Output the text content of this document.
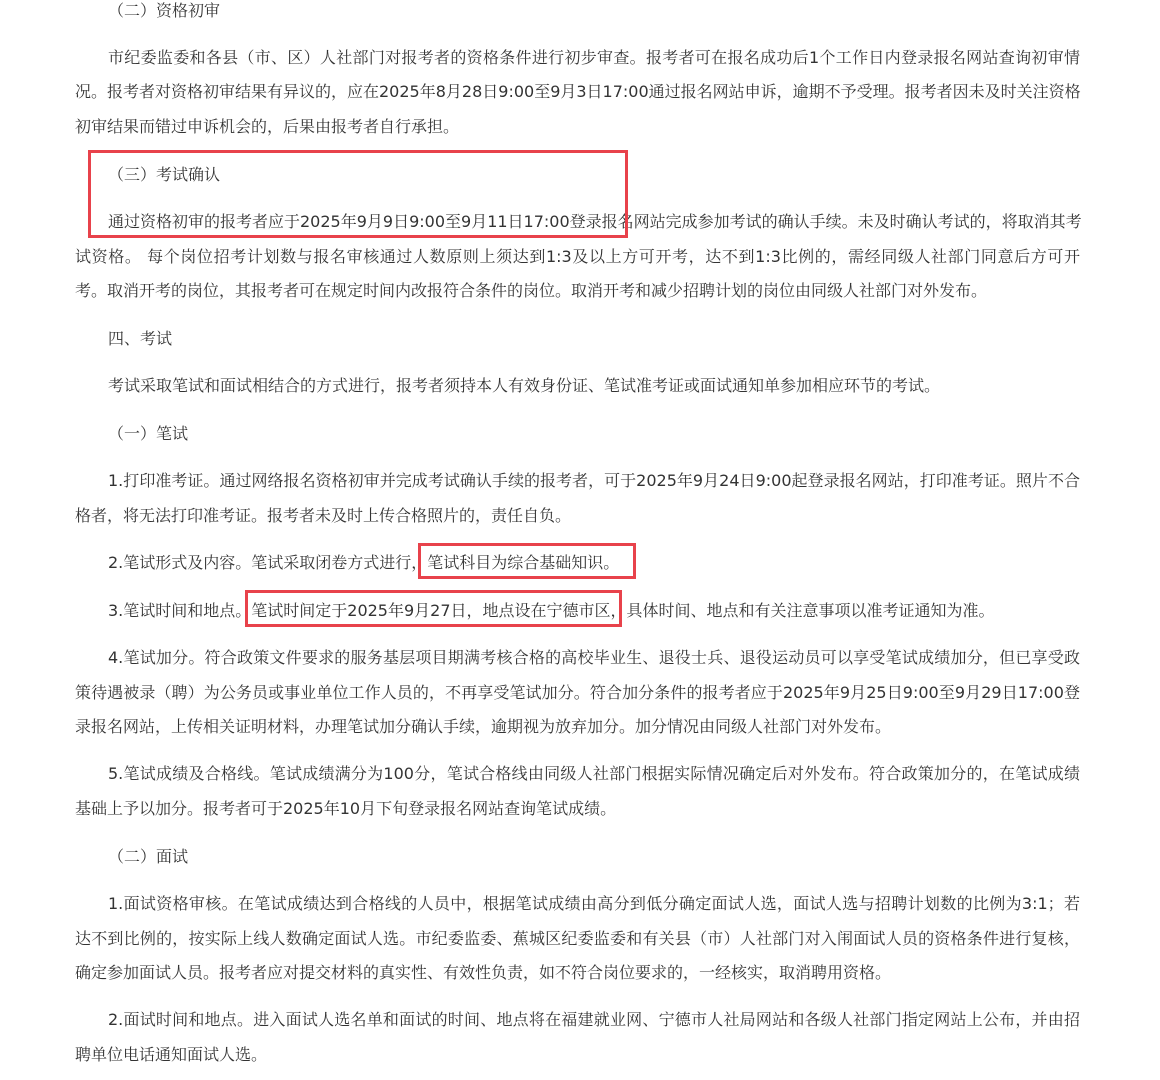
（二）资格初审
市纪委监委和各县（市、区）人社部门对报考者的资格条件进行初步审查。报考者可在报名成功后1个工作日内登录报名网站查询初审情
况。报考者对资格初审结果有异议的，应在2025年8月28日9:00至9月3日17:00通过报名网站申诉，逾期不予受理。报考者因未及时关注资格
初审结果而错过申诉机会的，后果由报考者自行承担。
（三）考试确认
通过资格初审的报考者应于2025年9月9日9:00至9月11日17:00登录报名网站完成参加考试的确认手续。未及时确认考试的，将取消其考
试资格。 每个岗位招考计划数与报名审核通过人数原则上须达到1:3及以上方可开考，达不到1:3比例的，需经同级人社部门同意后方可开
考。取消开考的岗位，其报考者可在规定时间内改报符合条件的岗位。取消开考和减少招聘计划的岗位由同级人社部门对外发布。
四、考试
考试采取笔试和面试相结合的方式进行，报考者须持本人有效身份证、笔试准考证或面试通知单参加相应环节的考试。
（一）笔试
1.打印准考证。通过网络报名资格初审并完成考试确认手续的报考者，可于2025年9月24日9:00起登录报名网站，打印准考证。照片不合
格者，将无法打印准考证。报考者未及时上传合格照片的，责任自负。
2.笔试形式及内容。笔试采取闭卷方式进行，笔试科目为综合基础知识。
3.笔试时间和地点。笔试时间定于2025年9月27日，地点设在宁德市区，具体时间、地点和有关注意事项以准考证通知为准。
4.笔试加分。符合政策文件要求的服务基层项目期满考核合格的高校毕业生、退役士兵、退役运动员可以享受笔试成绩加分，但已享受政
策待遇被录（聘）为公务员或事业单位工作人员的，不再享受笔试加分。符合加分条件的报考者应于2025年9月25日9:00至9月29日17:00登
录报名网站，上传相关证明材料，办理笔试加分确认手续，逾期视为放弃加分。加分情况由同级人社部门对外发布。
5.笔试成绩及合格线。笔试成绩满分为100分，笔试合格线由同级人社部门根据实际情况确定后对外发布。符合政策加分的，在笔试成绩
基础上予以加分。报考者可于2025年10月下旬登录报名网站查询笔试成绩。
（二）面试
1.面试资格审核。在笔试成绩达到合格线的人员中，根据笔试成绩由高分到低分确定面试人选，面试人选与招聘计划数的比例为3:1；若
达不到比例的，按实际上线人数确定面试人选。市纪委监委、蕉城区纪委监委和有关县（市）人社部门对入闱面试人员的资格条件进行复核，
确定参加面试人员。报考者应对提交材料的真实性、有效性负责，如不符合岗位要求的，一经核实，取消聘用资格。
2.面试时间和地点。进入面试人选名单和面试的时间、地点将在福建就业网、宁德市人社局网站和各级人社部门指定网站上公布，并由招
聘单位电话通知面试人选。
